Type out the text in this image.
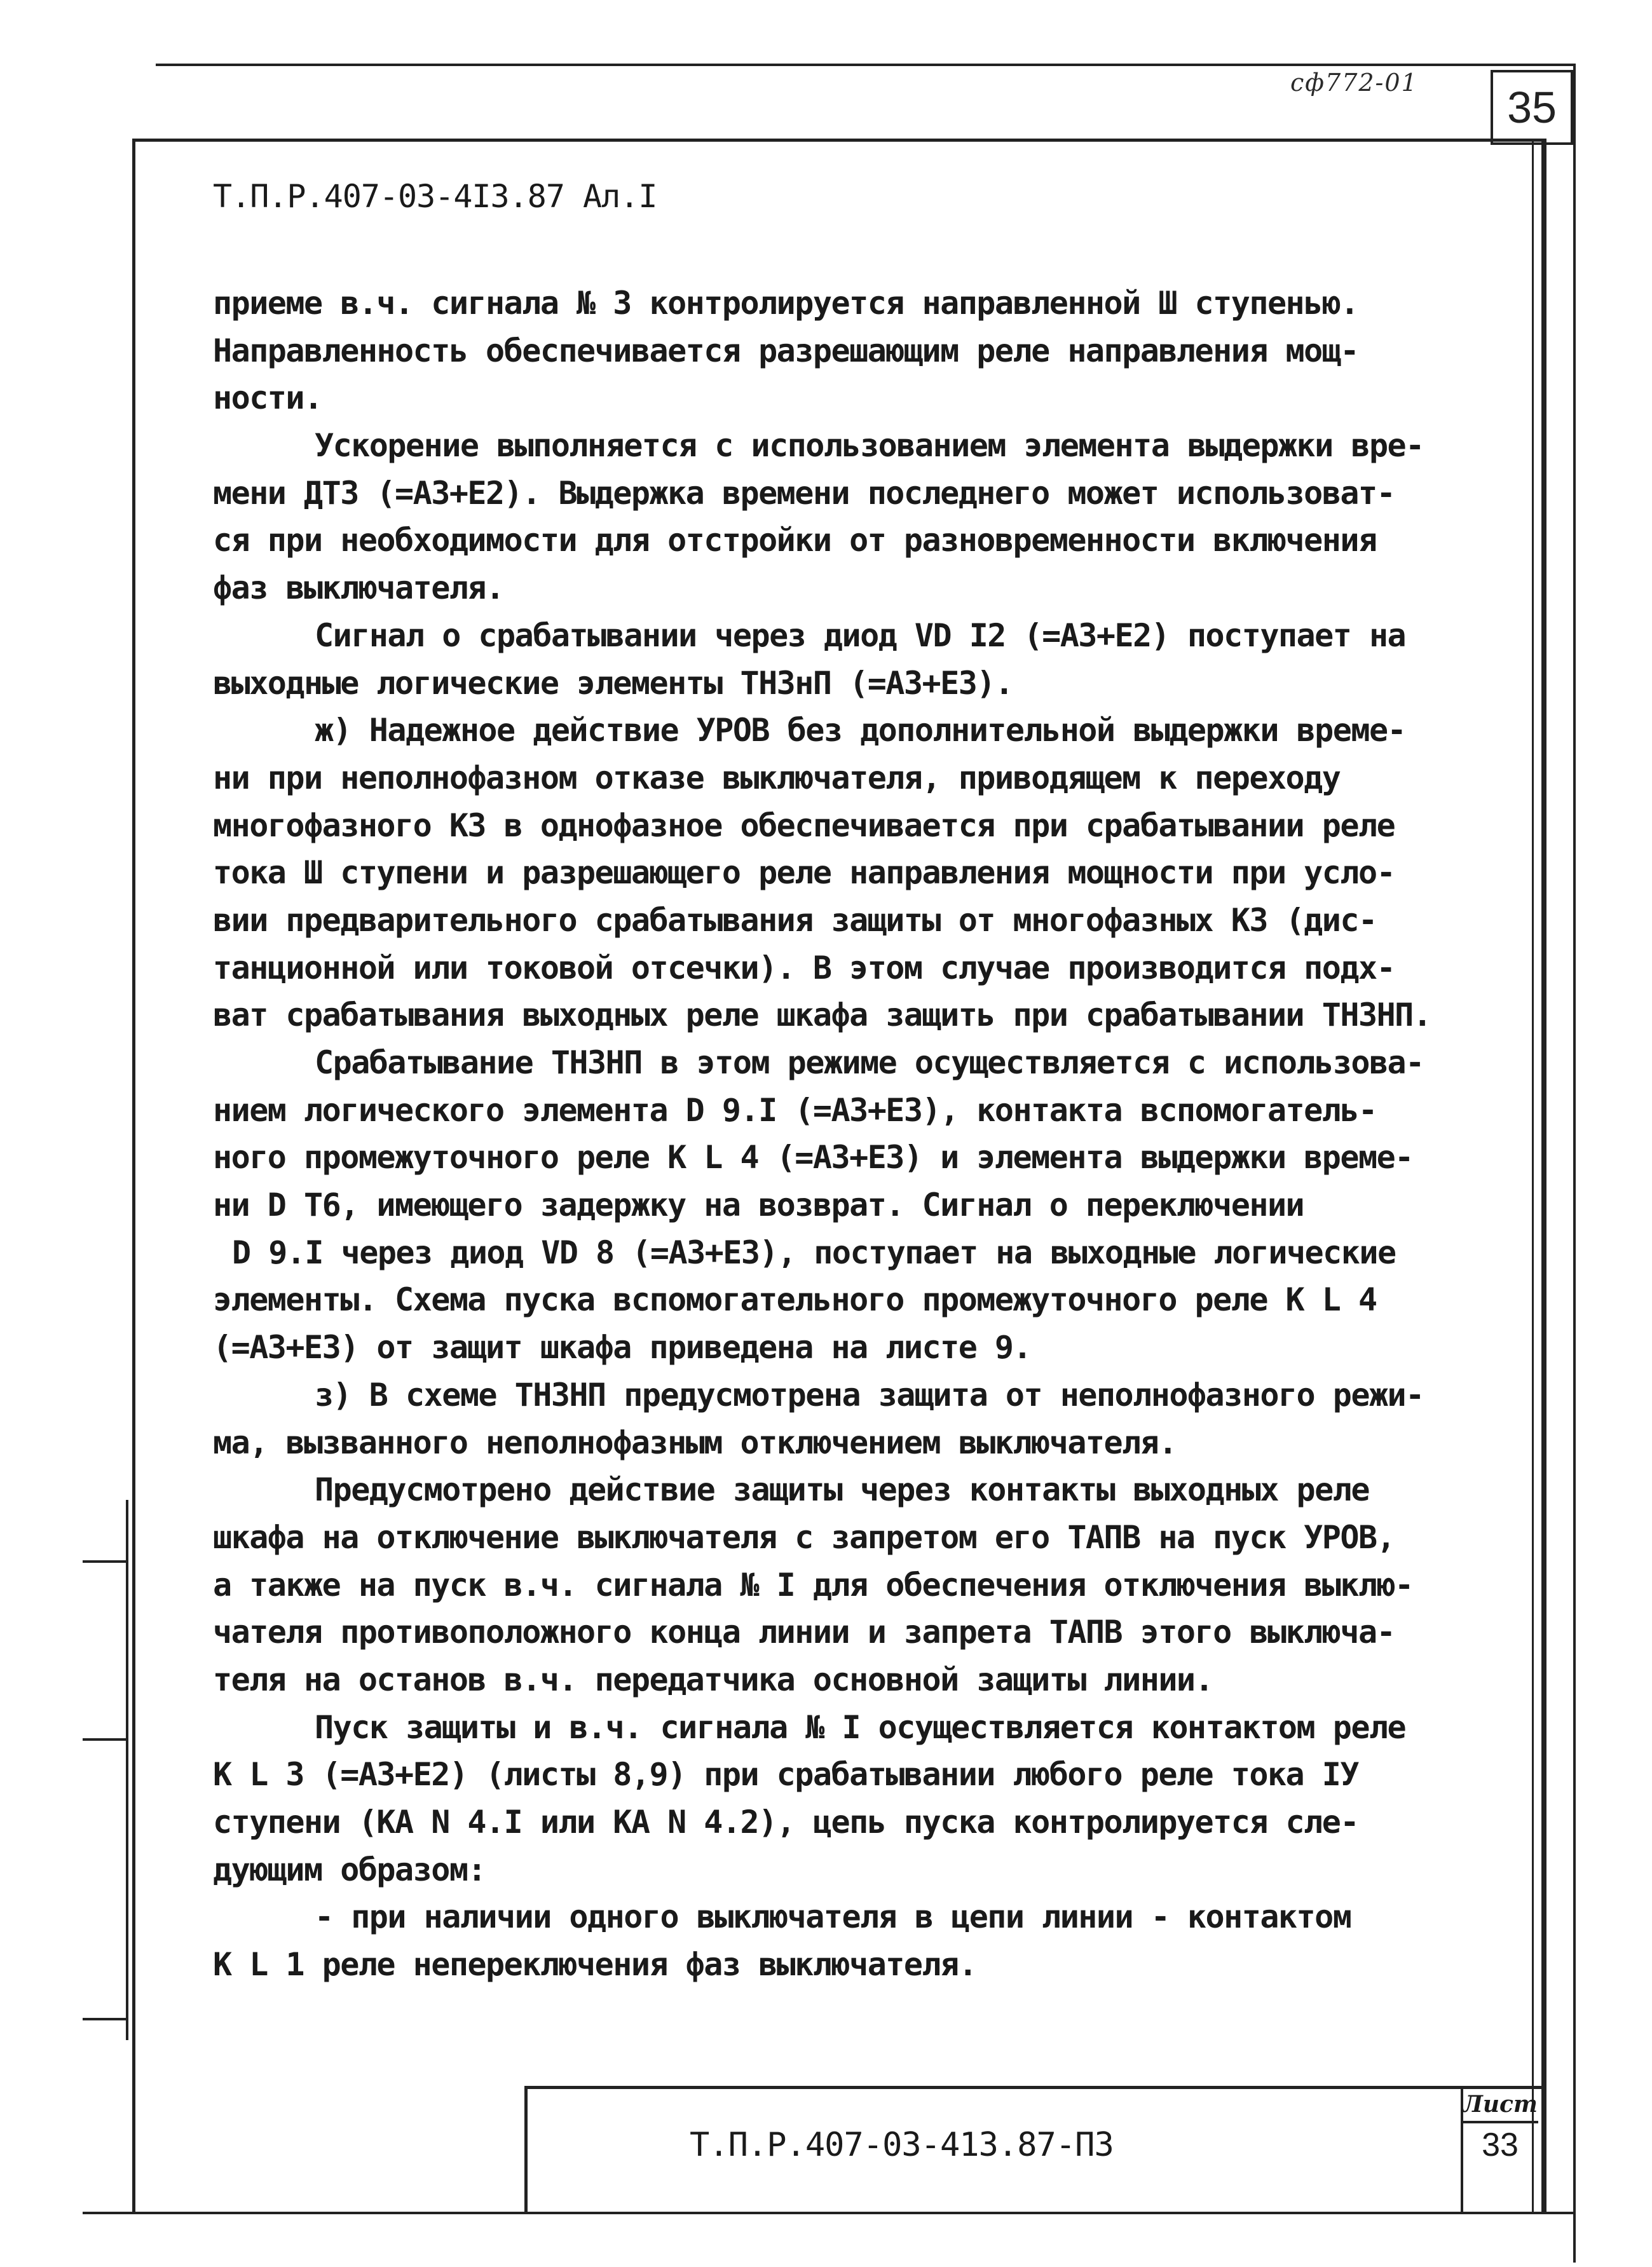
сф772-01	35
Т.П.Р.407-03-4I3.87 Ал.I
приеме в.ч. сигнала № 3 контролируется направленной Ш ступенью.
Направленность обеспечивается разрешающим реле направления мощ-
ности.
Ускорение выполняется с использованием элемента выдержки вре-
мени ДТЗ (=А3+Е2). Выдержка времени последнего может использоват-
ся при необходимости для отстройки от разновременности включения
фаз выключателя.
Сигнал о срабатывании через диод VD I2 (=А3+Е2) поступает на
выходные логические элементы ТНЗнП (=А3+Е3).
ж) Надежное действие УРОВ без дополнительной выдержки време-
ни при неполнофазном отказе выключателя, приводящем к переходу
многофазного КЗ в однофазное обеспечивается при срабатывании реле
тока Ш ступени и разрешающего реле направления мощности при усло-
вии предварительного срабатывания защиты от многофазных КЗ (дис-
танционной или токовой отсечки). В этом случае производится подх-
ват срабатывания выходных реле шкафа защить при срабатывании ТНЗНП.
Срабатывание ТНЗНП в этом режиме осуществляется с использова-
нием логического элемента D 9.I (=А3+Е3), контакта вспомогатель-
ного промежуточного реле К L 4 (=А3+Е3) и элемента выдержки време-
ни D Т6, имеющего задержку на возврат. Сигнал о переключении
D 9.I через диод VD 8 (=А3+Е3), поступает на выходные логические
элементы. Схема пуска вспомогательного промежуточного реле К L 4
(=А3+Е3) от защит шкафа приведена на листе 9.
з) В схеме ТНЗНП предусмотрена защита от неполнофазного режи-
ма, вызванного неполнофазным отключением выключателя.
Предусмотрено действие защиты через контакты выходных реле
шкафа на отключение выключателя с запретом его ТАПВ на пуск УРОВ,
а также на пуск в.ч. сигнала № I для обеспечения отключения выклю-
чателя противоположного конца линии и запрета ТАПВ этого выключа-
теля на останов в.ч. передатчика основной защиты линии.
Пуск защиты и в.ч. сигнала № I осуществляется контактом реле
К L 3 (=А3+Е2) (листы 8,9) при срабатывании любого реле тока IУ
ступени (КА N 4.I или КА N 4.2), цепь пуска контролируется сле-
дующим образом:
- при наличии одного выключателя в цепи линии - контактом
К L 1 реле непереключения фаз выключателя.
Т.П.Р.407-03-413.87-ПЗ
Лист
33
